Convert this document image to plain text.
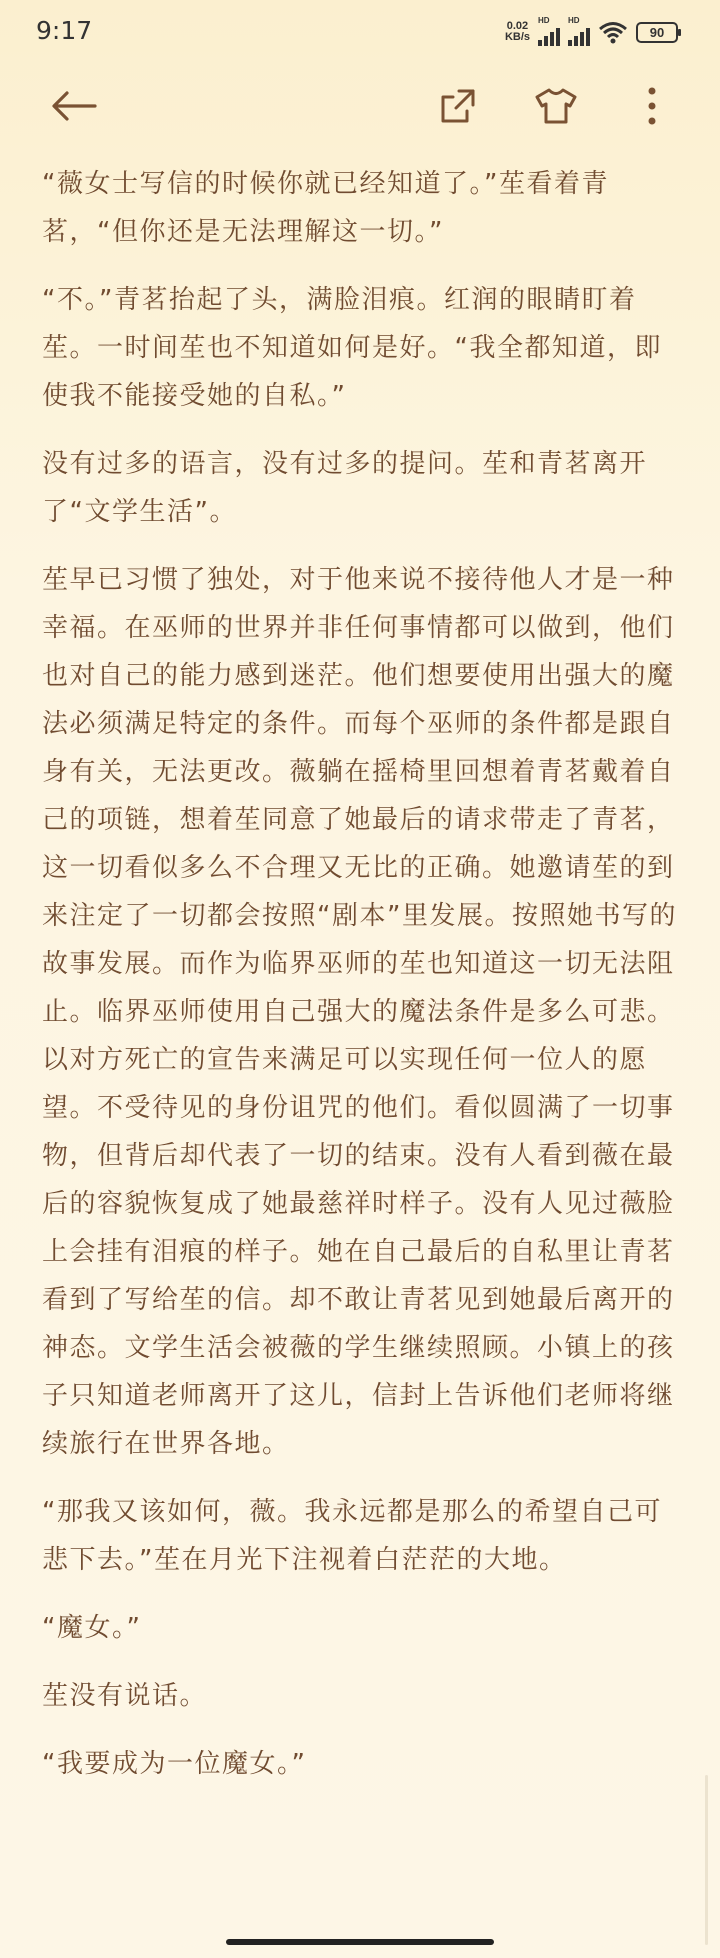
9:17	0.02
KB/s
HD HD
90

“薇女士写信的时候你就已经知道了。”苼看着青茗，“但你还是无法理解这一切。”

“不。”青茗抬起了头，满脸泪痕。红润的眼睛盯着苼。一时间苼也不知道如何是好。“我全都知道，即使我不能接受她的自私。”

没有过多的语言，没有过多的提问。苼和青茗离开了“文学生活”。

苼早已习惯了独处，对于他来说不接待他人才是一种幸福。在巫师的世界并非任何事情都可以做到，他们也对自己的能力感到迷茫。他们想要使用出强大的魔法必须满足特定的条件。而每个巫师的条件都是跟自身有关，无法更改。薇躺在摇椅里回想着青茗戴着自己的项链，想着苼同意了她最后的请求带走了青茗，这一切看似多么不合理又无比的正确。她邀请苼的到来注定了一切都会按照“剧本”里发展。按照她书写的故事发展。而作为临界巫师的苼也知道这一切无法阻止。临界巫师使用自己强大的魔法条件是多么可悲。以对方死亡的宣告来满足可以实现任何一位人的愿望。不受待见的身份诅咒的他们。看似圆满了一切事物，但背后却代表了一切的结束。没有人看到薇在最后的容貌恢复成了她最慈祥时样子。没有人见过薇脸上会挂有泪痕的样子。她在自己最后的自私里让青茗看到了写给苼的信。却不敢让青茗见到她最后离开的神态。文学生活会被薇的学生继续照顾。小镇上的孩子只知道老师离开了这儿，信封上告诉他们老师将继续旅行在世界各地。

“那我又该如何，薇。我永远都是那么的希望自己可悲下去。”苼在月光下注视着白茫茫的大地。

“魔女。”

苼没有说话。

“我要成为一位魔女。”
